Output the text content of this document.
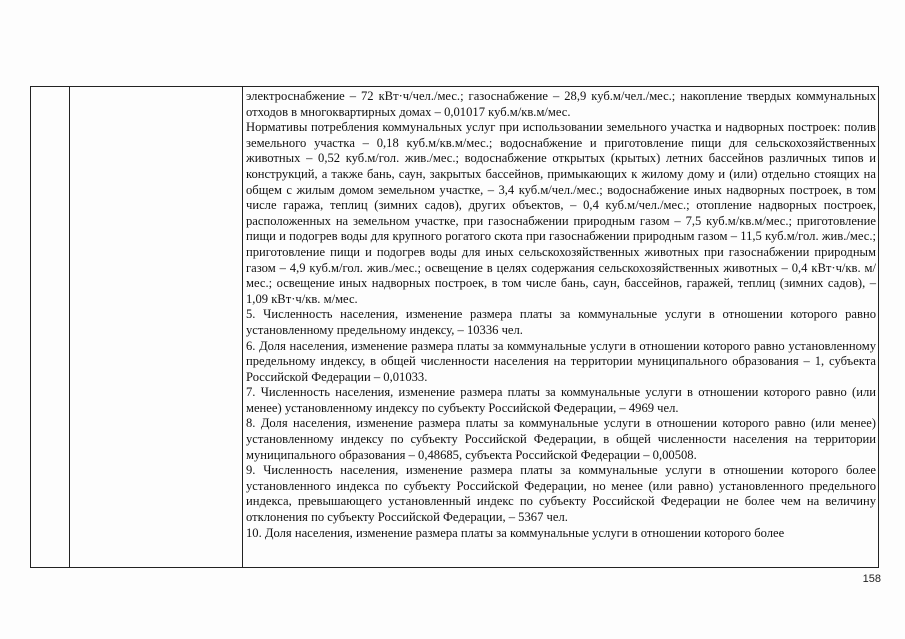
электроснабжение – 72 кВт·ч/чел./мес.; газоснабжение – 28,9 куб.м/чел./мес.; накопление твердых коммунальных отходов в многоквартирных домах – 0,01017 куб.м/кв.м/мес.

Нормативы потребления коммунальных услуг при использовании земельного участка и надворных построек: полив земельного участка – 0,18 куб.м/кв.м/мес.; водоснабжение и приготовление пищи для сельскохозяйственных животных – 0,52 куб.м/гол. жив./мес.; водоснабжение открытых (крытых) летних бассейнов различных типов и конструкций, а также бань, саун, закрытых бассейнов, примыкающих к жилому дому и (или) отдельно стоящих на общем с жилым домом земельном участке, – 3,4 куб.м/чел./мес.; водоснабжение иных надворных построек, в том числе гаража, теплиц (зимних садов), других объектов, – 0,4 куб.м/чел./мес.; отопление надворных построек, расположенных на земельном участке, при газоснабжении природным газом – 7,5 куб.м/кв.м/мес.; приготовление пищи и подогрев воды для крупного рогатого скота при газоснабжении природным газом – 11,5 куб.м/гол. жив./мес.; приготовление пищи и подогрев воды для иных сельскохозяйственных животных при газоснабжении природным газом – 4,9 куб.м/гол. жив./мес.; освещение в целях содержания сельскохозяйственных животных – 0,4 кВт·ч/кв. м/мес.; освещение иных надворных построек, в том числе бань, саун, бассейнов, гаражей, теплиц (зимних садов), – 1,09 кВт·ч/кв. м/мес.

5. Численность населения, изменение размера платы за коммунальные услуги в отношении которого равно установленному предельному индексу, – 10336 чел.

6. Доля населения, изменение размера платы за коммунальные услуги в отношении которого равно установленному предельному индексу, в общей численности населения на территории муниципального образования – 1, субъекта Российской Федерации – 0,01033.

7. Численность населения, изменение размера платы за коммунальные услуги в отношении которого равно (или менее) установленному индексу по субъекту Российской Федерации, – 4969 чел.

8. Доля населения, изменение размера платы за коммунальные услуги в отношении которого равно (или менее) установленному индексу по субъекту Российской Федерации, в общей численности населения на территории муниципального образования – 0,48685, субъекта Российской Федерации – 0,00508.

9. Численность населения, изменение размера платы за коммунальные услуги в отношении которого более установленного индекса по субъекту Российской Федерации, но менее (или равно) установленного предельного индекса, превышающего установленный индекс по субъекту Российской Федерации не более чем на величину отклонения по субъекту Российской Федерации, – 5367 чел.

10. Доля населения, изменение размера платы за коммунальные услуги в отношении которого более

158
